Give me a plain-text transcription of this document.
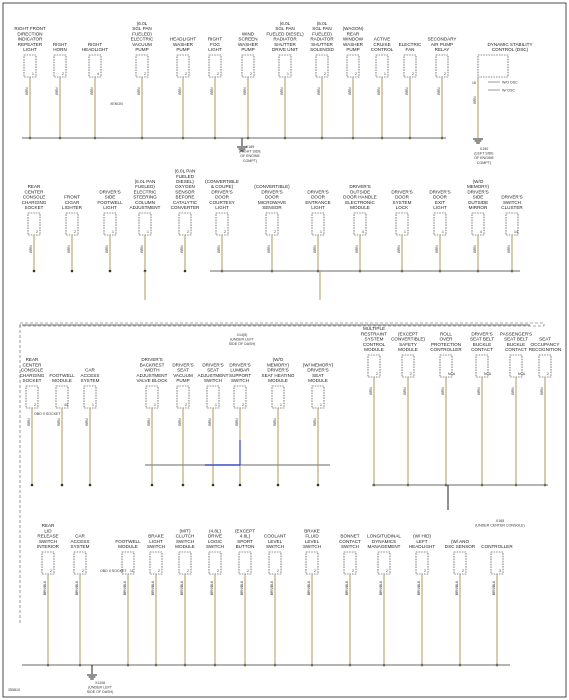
RIGHT FRONT
DIRECTION
INDICATOR
REPEATER
LIGHT
1
BRN
RIGHT
HORN
2
BRN
RIGHT
HEADLIGHT
4
BRN
(6.0L
SGL PAN
FUELED)
ELECTRIC
VACUUM
PUMP
2
BRN
HEADLIGHT
WASHER
PUMP
2
BRN
RIGHT
FOG
LIGHT
2
BRN
WIND
SCREEN
WASHER
PUMP
2
BRN
(6.0L
SGL PAN
FUELED DIESEL)
RADIATOR
SHUTTER
DRIVE UNIT
1
BRN
(6.0L
SGL PAN
FUELED)
RADIATOR
SHUTTER
SOLENOID
2
BRN
(WAGON)
REAR
WINDOW
WASHER
PUMP
2
BRN
ACTIVE
CRUISE
CONTROL
1
BRN
ELECTRIC
FAN
2
BRN
SECONDARY
AIR PUMP
RELAY
2
BRN
DYNAMIC STABILITY
CONTROL (DSC)
18
BRN
W/O DSC
W/ DSC
XENON
X189
(RIGHT SIDE
OF ENGINE
COMPT)
X190
(LEFT SIDE
OF ENGINE
COMPT)
REAR
CENTER
CONSOLE
CHARGING
SOCKET
2
BRN
FRONT
CIGAR
LIGHTER
2
BRN
DRIVER'S
SIDE
FOOTWELL
LIGHT
1
BRN
(6.0L PAN
FUELED)
ELECTRIC
STEERING
COLUMN
ADJUSTMENT
1
BRN
(6.0L PAN
FUELED
DIESEL)
OXYGEN
SENSOR
BEFORE
CATALYTIC
CONVERTER
2
BRN
(CONVERTIBLE
& COUPE)
DRIVER'S
DOOR
COURTESY
LIGHT
2
BRN
(CONVERTIBLE)
DRIVER'S
DOOR
MICROWAVE
SENSOR
2
BRN
DRIVER'S
DOOR
ENTRANCE
LIGHT
1
BRN
DRIVER'S
OUTSIDE
DOOR HANDLE
ELECTRONIC
MODULE
4
BRN
DRIVER'S
DOOR
SYSTEM
LOCK
1
BRN
DRIVER'S
DOOR
EXIT
LIGHT
1
BRN
(W/O
MEMORY)
DRIVER'S
SIDE
OUTSIDE
MIRROR
4
BRN
DRIVER'S
SWITCH
CLUSTER
14
BRN
X14(5)
(UNDER LEFT
SIDE OF DASH)
REAR
CENTER
CONSOLE
CHARGING
SOCKET
2
BRN
FOOTWELL
MODULE
44
BRN
CAR
ACCESS
SYSTEM
1
BRN
DRIVER'S
BACKREST
WIDTH
ADJUSTMENT
VALVE BLOCK
1
BRN
DRIVER'S
SEAT
VACUUM
PUMP
2
BRN
DRIVER'S
SEAT
ADJUSTMENT
SWITCH
1
BRN
DRIVER'S
LUMBAR
SUPPORT
SWITCH
2
BRN
(W/O
MEMORY)
DRIVER'S
SEAT HEATING
MODULE
1
BRN
(W/ MEMORY)
DRIVER'S
SEAT
MODULE
1
BRN
MULTIPLE
RESTRAINT
SYSTEM
CONTROL
MODULE
2
BRN
(EXCEPT
CONVERTIBLE)
SAFETY
MODULE
2
BRN
ROLL
OVER
PROTECTION
CONTROLLER
NCA
BRN
DRIVER'S
SEAT BELT
BUCKLE
CONTACT
NCA
BRN
PASSENGER'S
SEAT BELT
BUCKLE
CONTACT
NCA
BRN
SEAT
OCCUPANCY
RECOGNITION
2
BRN
X165
(UNDER CENTER CONSOLE)
OBD II SOCKET
REAR
LID
RELEASE
SWITCH
INTERIOR
2
BRN/BLK
CAR
ACCESS
SYSTEM
2
BRN/BLK
FOOTWELL
MODULE
11
BRN/BLK
BRAKE
LIGHT
SWITCH
2
BRN/BLK
(M/T)
CLUTCH
SWITCH
MODULE
2
BRN/BLK
(4.8L)
DRIVE
LOGIC
SWITCH
2
BRN/BLK
(EXCEPT
4.8L)
SPORT
BUTTON
2
BRN/BLK
COOLANT
LEVEL
SWITCH
2
BRN/BLK
BRAKE
FLUID
LEVEL
SWITCH
2
BRN/BLK
BONNET
CONTACT
SWITCH
2
BRN/BLK
LONGITUDINAL
DYNAMICS
MANAGEMENT
2
BRN/BLK
(W/ HID)
LEFT
HEADLIGHT
2
BRN/BLK
(W/ ANO
DSC SENSOR
2
BRN/BLK
CONTROLLER
3
BRN/BLK
X1108
(UNDER LEFT
SIDE OF DASH)
OBD II SOCKET
355810
